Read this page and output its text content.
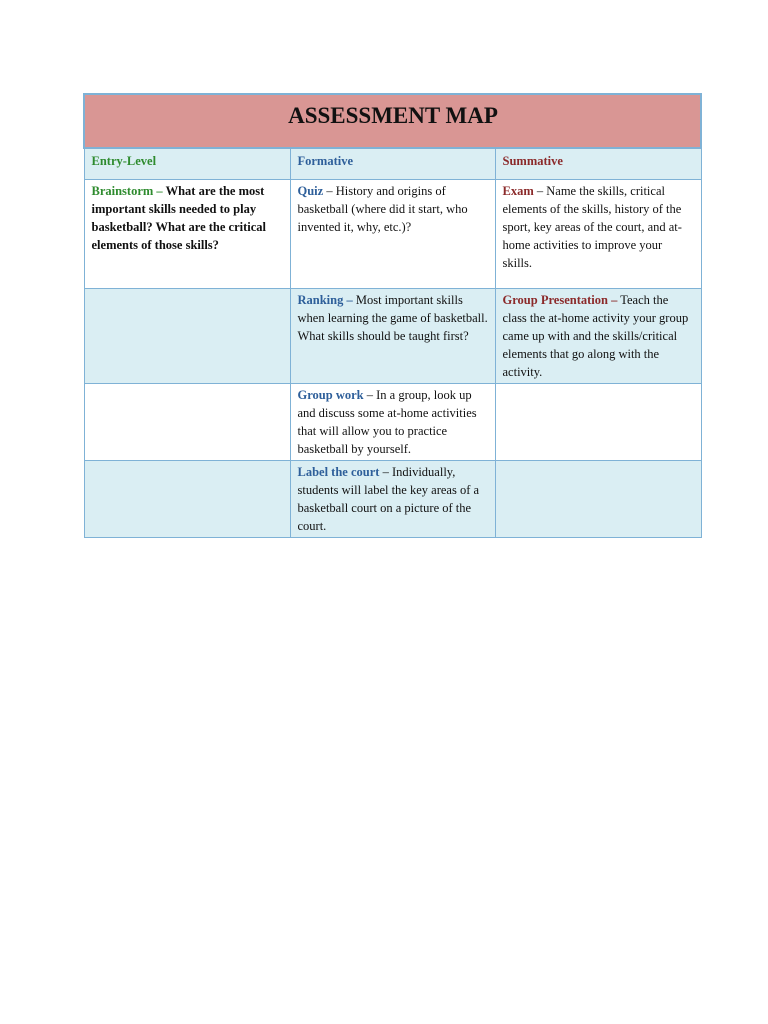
ASSESSMENT MAP		

Entry-Level	Formative	Summative
Brainstorm – What are the most important skills needed to play basketball? What are the critical elements of those skills?	Quiz – History and origins of basketball (where did it start, who invented it, why, etc.)?	Exam – Name the skills, critical elements of the skills, history of the sport, key areas of the court, and at-home activities to improve your skills.
	Ranking – Most important skills when learning the game of basketball. What skills should be taught first?	Group Presentation – Teach the class the at-home activity your group came up with and the skills/critical elements that go along with the activity.
	Group work – In a group, look up and discuss some at-home activities that will allow you to practice basketball by yourself.	
	Label the court – Individually, students will label the key areas of a basketball court on a picture of the court.	
